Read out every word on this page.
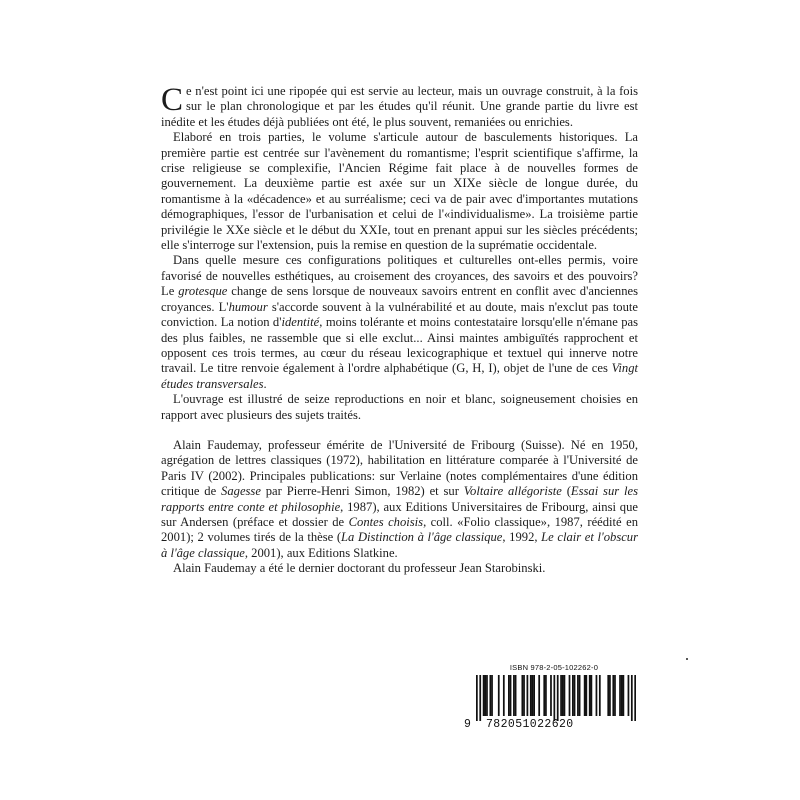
Ce n'est point ici une ripopée qui est servie au lecteur, mais un ouvrage construit, à la fois sur le plan chronologique et par les études qu'il réunit. Une grande partie du livre est inédite et les études déjà publiées ont été, le plus souvent, remaniées ou enrichies.

Elaboré en trois parties, le volume s'articule autour de basculements historiques. La première partie est centrée sur l'avènement du romantisme; l'esprit scientifique s'affirme, la crise religieuse se complexifie, l'Ancien Régime fait place à de nouvelles formes de gouvernement. La deuxième partie est axée sur un XIXe siècle de longue durée, du romantisme à la «décadence» et au surréalisme; ceci va de pair avec d'importantes mutations démographiques, l'essor de l'urbanisation et celui de l'«individualisme». La troisième partie privilégie le XXe siècle et le début du XXIe, tout en prenant appui sur les siècles précédents; elle s'interroge sur l'extension, puis la remise en question de la suprématie occidentale.

Dans quelle mesure ces configurations politiques et culturelles ont-elles permis, voire favorisé de nouvelles esthétiques, au croisement des croyances, des savoirs et des pouvoirs? Le grotesque change de sens lorsque de nouveaux savoirs entrent en conflit avec d'anciennes croyances. L'humour s'accorde souvent à la vulnérabilité et au doute, mais n'exclut pas toute conviction. La notion d'identité, moins tolérante et moins contestataire lorsqu'elle n'émane pas des plus faibles, ne rassemble que si elle exclut... Ainsi maintes ambiguïtés rapprochent et opposent ces trois termes, au cœur du réseau lexicographique et textuel qui innerve notre travail. Le titre renvoie également à l'ordre alphabétique (G, H, I), objet de l'une de ces Vingt études transversales.

L'ouvrage est illustré de seize reproductions en noir et blanc, soigneusement choisies en rapport avec plusieurs des sujets traités.

Alain Faudemay, professeur émérite de l'Université de Fribourg (Suisse). Né en 1950, agrégation de lettres classiques (1972), habilitation en littérature comparée à l'Université de Paris IV (2002). Principales publications: sur Verlaine (notes complémentaires d'une édition critique de Sagesse par Pierre-Henri Simon, 1982) et sur Voltaire allégoriste (Essai sur les rapports entre conte et philosophie, 1987), aux Editions Universitaires de Fribourg, ainsi que sur Andersen (préface et dossier de Contes choisis, coll. «Folio classique», 1987, réédité en 2001); 2 volumes tirés de la thèse (La Distinction à l'âge classique, 1992, Le clair et l'obscur à l'âge classique, 2001), aux Editions Slatkine.

Alain Faudemay a été le dernier doctorant du professeur Jean Starobinski.

ISBN 978-2-05-102262-0
9 782051022620
